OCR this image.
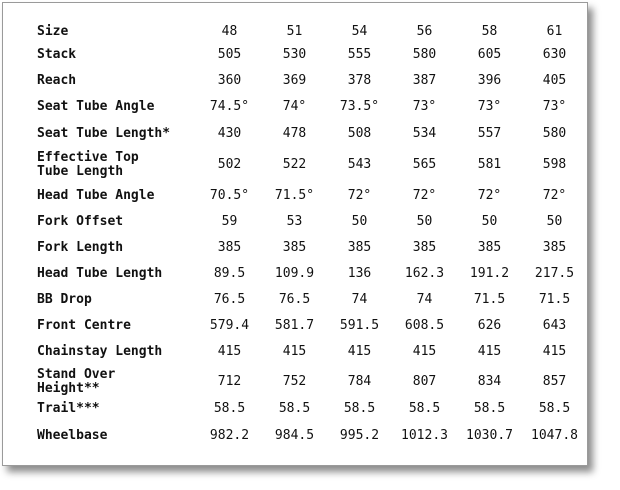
Size	48	51	54	56	58	61
Stack	505	530	555	580	605	630
Reach	360	369	378	387	396	405
Seat Tube Angle	74.5°	74°	73.5°	73°	73°	73°
Seat Tube Length*	430	478	508	534	557	580
Effective Top
Tube Length	502	522	543	565	581	598
Head Tube Angle	70.5°	71.5°	72°	72°	72°	72°
Fork Offset	59	53	50	50	50	50
Fork Length	385	385	385	385	385	385
Head Tube Length	89.5	109.9	136	162.3	191.2	217.5
BB Drop	76.5	76.5	74	74	71.5	71.5
Front Centre	579.4	581.7	591.5	608.5	626	643
Chainstay Length	415	415	415	415	415	415
Stand Over
Height**	712	752	784	807	834	857
Trail***	58.5	58.5	58.5	58.5	58.5	58.5
Wheelbase	982.2	984.5	995.2	1012.3	1030.7	1047.8
